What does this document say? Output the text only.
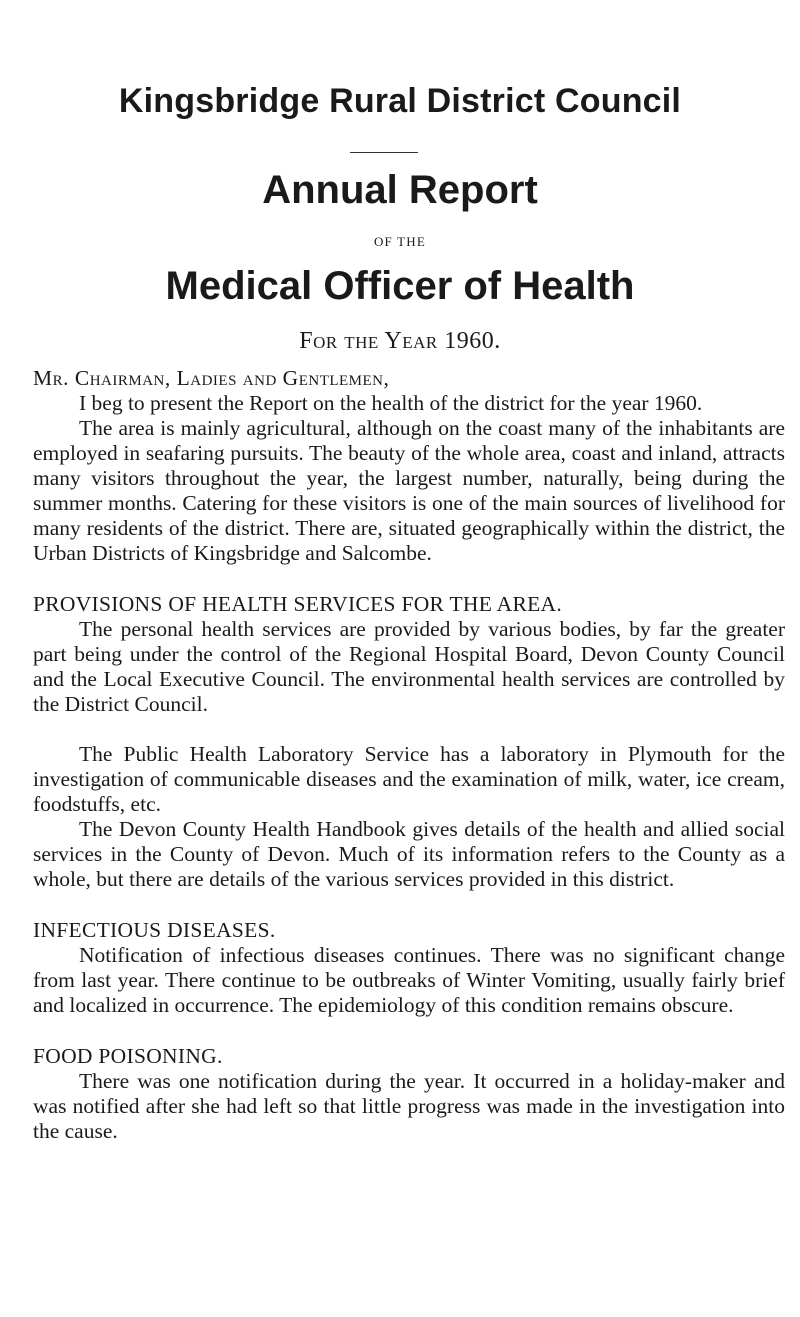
Kingsbridge Rural District Council
Annual Report
OF THE
Medical Officer of Health
For the Year 1960.

Mr. Chairman, Ladies and Gentlemen,

I beg to present the Report on the health of the district for the year 1960.

The area is mainly agricultural, although on the coast many of the inhabitants are employed in seafaring pursuits. The beauty of the whole area, coast and inland, attracts many visitors throughout the year, the largest number, naturally, being during the summer months. Catering for these visitors is one of the main sources of livelihood for many residents of the district. There are, situated geographically within the district, the Urban Districts of Kingsbridge and Salcombe.

PROVISIONS OF HEALTH SERVICES FOR THE AREA.

The personal health services are provided by various bodies, by far the greater part being under the control of the Regional Hospital Board, Devon County Council and the Local Executive Council. The environmental health services are controlled by the District Council.

The Public Health Laboratory Service has a laboratory in Plymouth for the investigation of communicable diseases and the examination of milk, water, ice cream, foodstuffs, etc.

The Devon County Health Handbook gives details of the health and allied social services in the County of Devon. Much of its information refers to the County as a whole, but there are details of the various services provided in this district.

INFECTIOUS DISEASES.

Notification of infectious diseases continues. There was no significant change from last year. There continue to be outbreaks of Winter Vomiting, usually fairly brief and localized in occurrence. The epidemiology of this condition remains obscure.

FOOD POISONING.

There was one notification during the year. It occurred in a holiday-maker and was notified after she had left so that little progress was made in the investigation into the cause.
